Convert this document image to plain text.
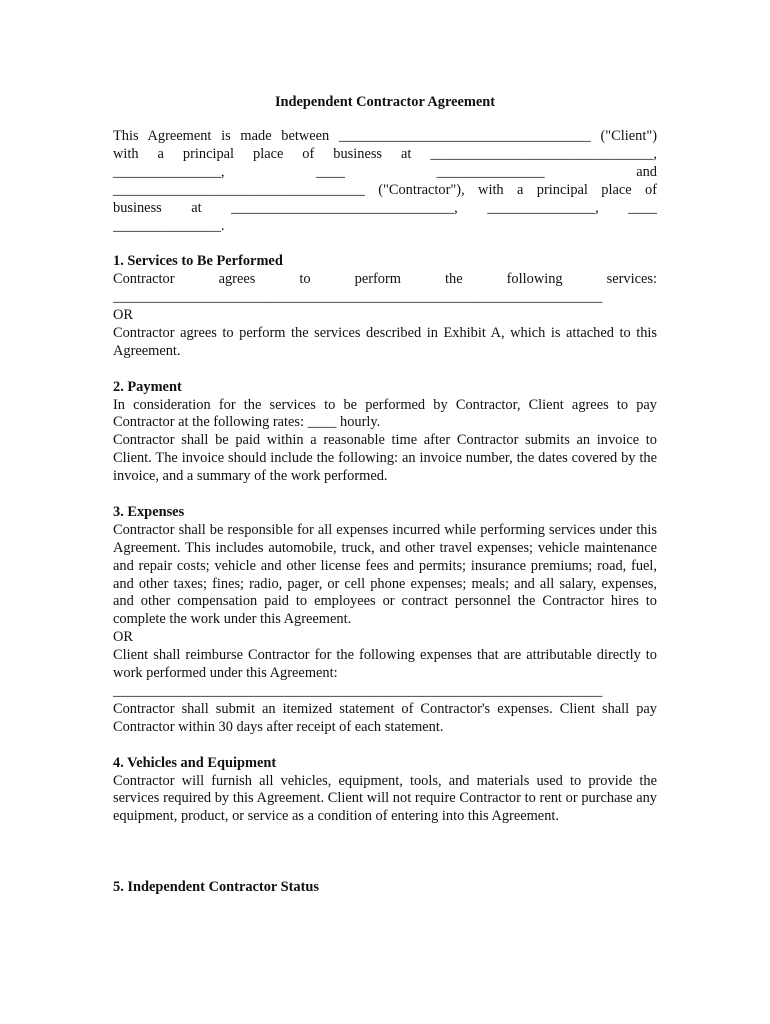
Independent Contractor Agreement
This Agreement is made between ___________________________________ ("Client")
with a principal place of business at _______________________________,
_______________, ____ _______________ and
___________________________________ ("Contractor"), with a principal place of
business at _______________________________, _______________, ____
_______________.
1. Services to Be Performed
Contractor agrees to perform the following services:
____________________________________________________________________
OR
Contractor agrees to perform the services described in Exhibit A, which is attached to this Agreement.
2. Payment
In consideration for the services to be performed by Contractor, Client agrees to pay Contractor at the following rates: ____ hourly.
Contractor shall be paid within a reasonable time after Contractor submits an invoice to Client. The invoice should include the following: an invoice number, the dates covered by the invoice, and a summary of the work performed.
3. Expenses
Contractor shall be responsible for all expenses incurred while performing services under this Agreement. This includes automobile, truck, and other travel expenses; vehicle maintenance and repair costs; vehicle and other license fees and permits; insurance premiums; road, fuel, and other taxes; fines; radio, pager, or cell phone expenses; meals; and all salary, expenses, and other compensation paid to employees or contract personnel the Contractor hires to complete the work under this Agreement.
OR
Client shall reimburse Contractor for the following expenses that are attributable directly to work performed under this Agreement:
____________________________________________________________________
Contractor shall submit an itemized statement of Contractor's expenses. Client shall pay Contractor within 30 days after receipt of each statement.
4. Vehicles and Equipment
Contractor will furnish all vehicles, equipment, tools, and materials used to provide the services required by this Agreement. Client will not require Contractor to rent or purchase any equipment, product, or service as a condition of entering into this Agreement.
5. Independent Contractor Status
